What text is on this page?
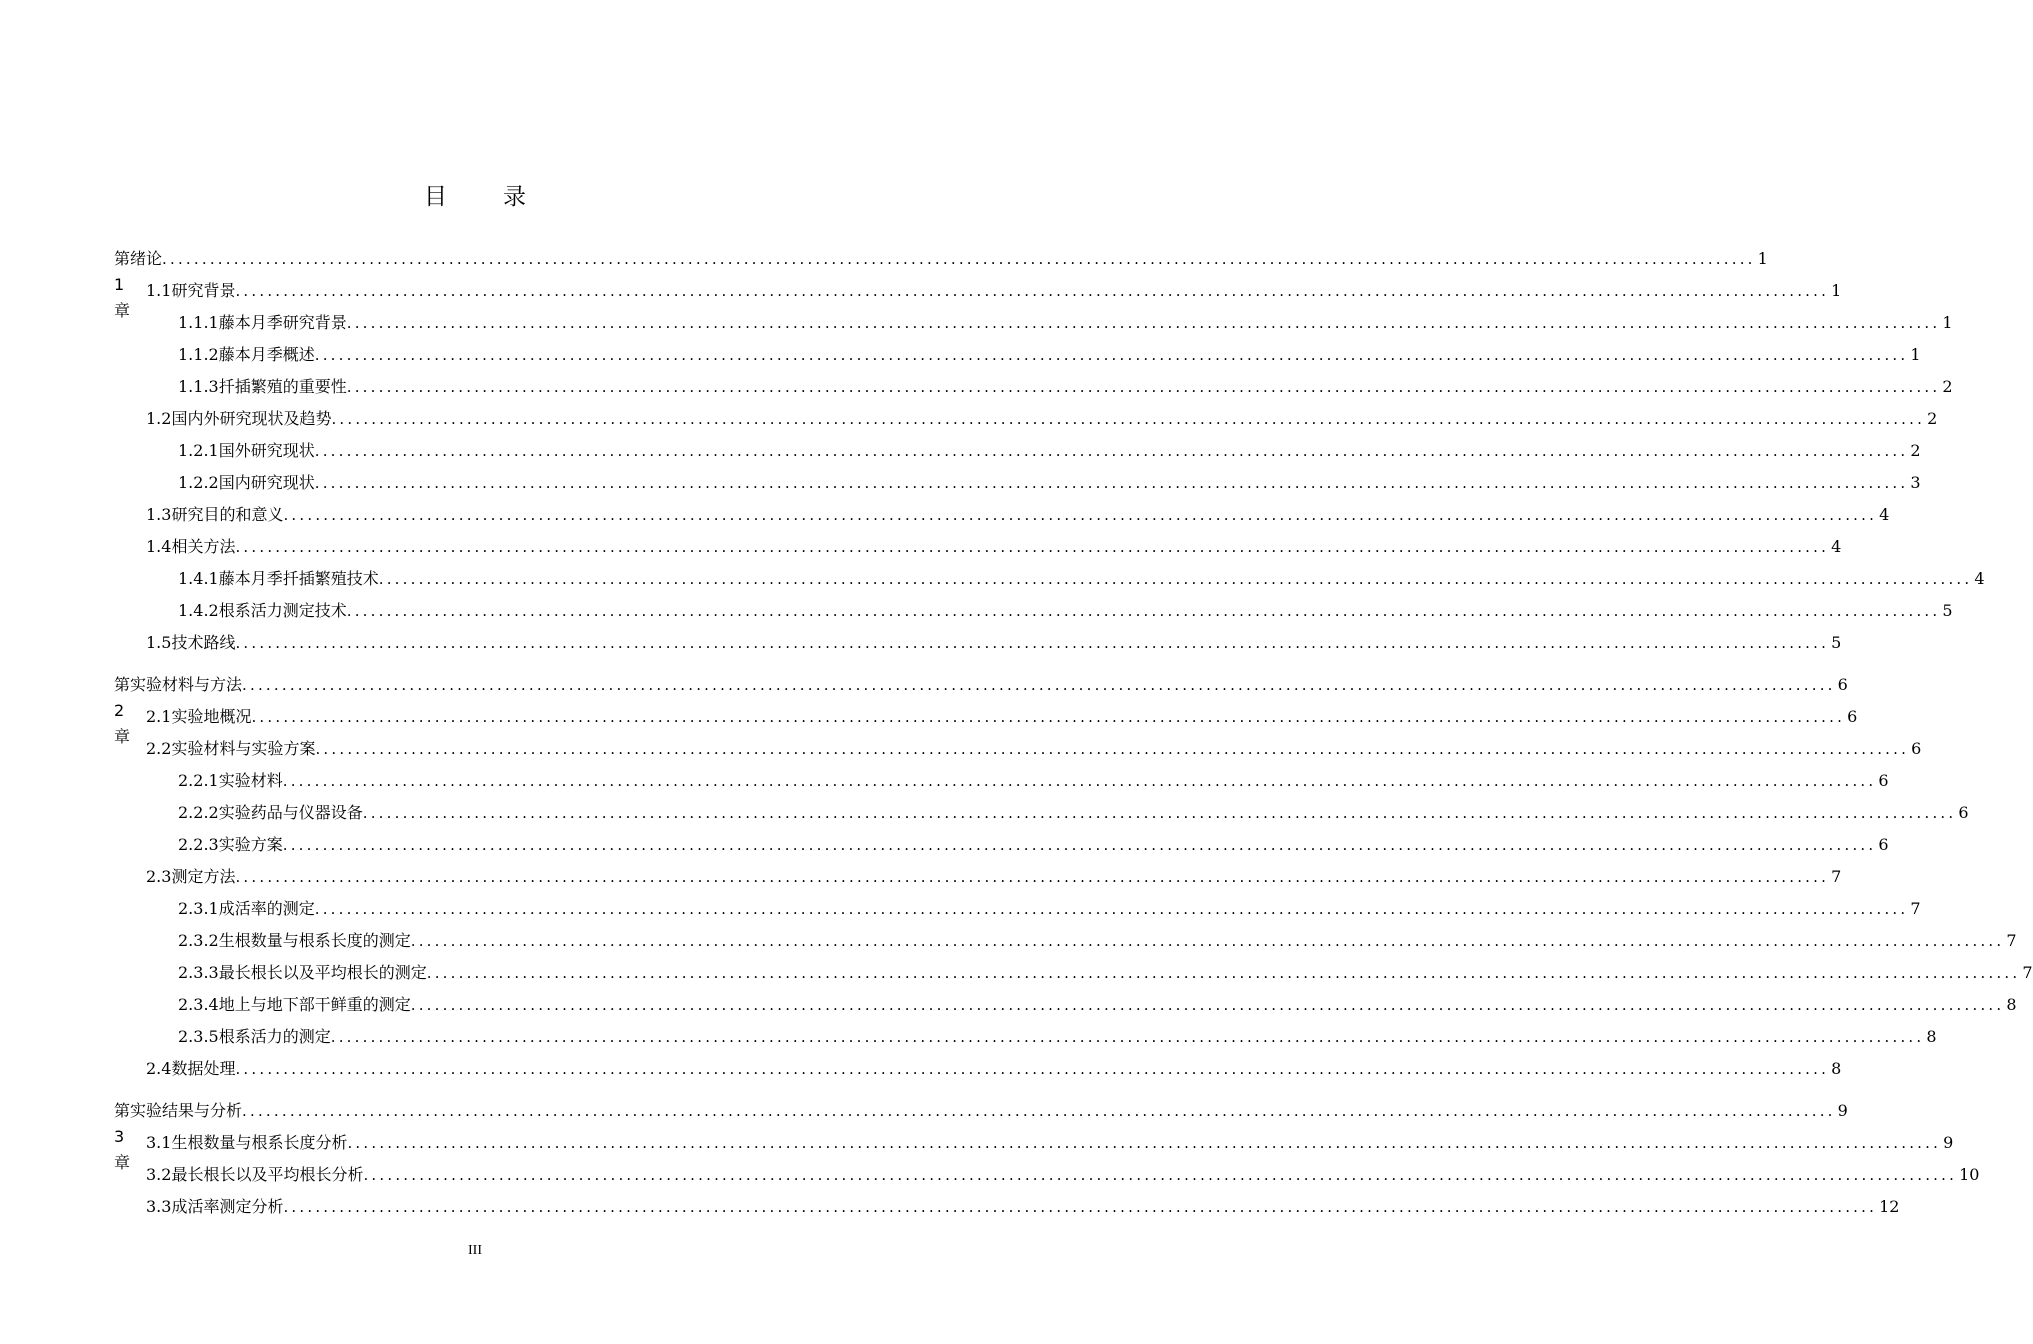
目 录
第 1 章
绪论 ........................................................................................................................................................................................................ 1
1.1 研究背景 ........................................................................................................................................................................................................ 1
1.1.1 藤本月季研究背景 ........................................................................................................................................................................................................ 1
1.1.2 藤本月季概述 ........................................................................................................................................................................................................ 1
1.1.3 扦插繁殖的重要性 ........................................................................................................................................................................................................ 2
1.2 国内外研究现状及趋势 ........................................................................................................................................................................................................ 2
1.2.1 国外研究现状 ........................................................................................................................................................................................................ 2
1.2.2 国内研究现状 ........................................................................................................................................................................................................ 3
1.3 研究目的和意义 ........................................................................................................................................................................................................ 4
1.4 相关方法 ........................................................................................................................................................................................................ 4
1.4.1 藤本月季扦插繁殖技术 ........................................................................................................................................................................................................ 4
1.4.2 根系活力测定技术 ........................................................................................................................................................................................................ 5
1.5 技术路线 ........................................................................................................................................................................................................ 5
第 2 章
实验材料与方法 ........................................................................................................................................................................................................ 6
2.1 实验地概况 ........................................................................................................................................................................................................ 6
2.2 实验材料与实验方案 ........................................................................................................................................................................................................ 6
2.2.1 实验材料 ........................................................................................................................................................................................................ 6
2.2.2 实验药品与仪器设备 ........................................................................................................................................................................................................ 6
2.2.3 实验方案 ........................................................................................................................................................................................................ 6
2.3 测定方法 ........................................................................................................................................................................................................ 7
2.3.1 成活率的测定 ........................................................................................................................................................................................................ 7
2.3.2 生根数量与根系长度的测定 ........................................................................................................................................................................................................ 7
2.3.3 最长根长以及平均根长的测定 ........................................................................................................................................................................................................ 7
2.3.4 地上与地下部干鲜重的测定 ........................................................................................................................................................................................................ 8
2.3.5 根系活力的测定 ........................................................................................................................................................................................................ 8
2.4 数据处理 ........................................................................................................................................................................................................ 8
第 3 章
实验结果与分析 ........................................................................................................................................................................................................ 9
3.1 生根数量与根系长度分析 ........................................................................................................................................................................................................ 9
3.2 最长根长以及平均根长分析 ........................................................................................................................................................................................................ 10
3.3 成活率测定分析 ........................................................................................................................................................................................................ 12
III
